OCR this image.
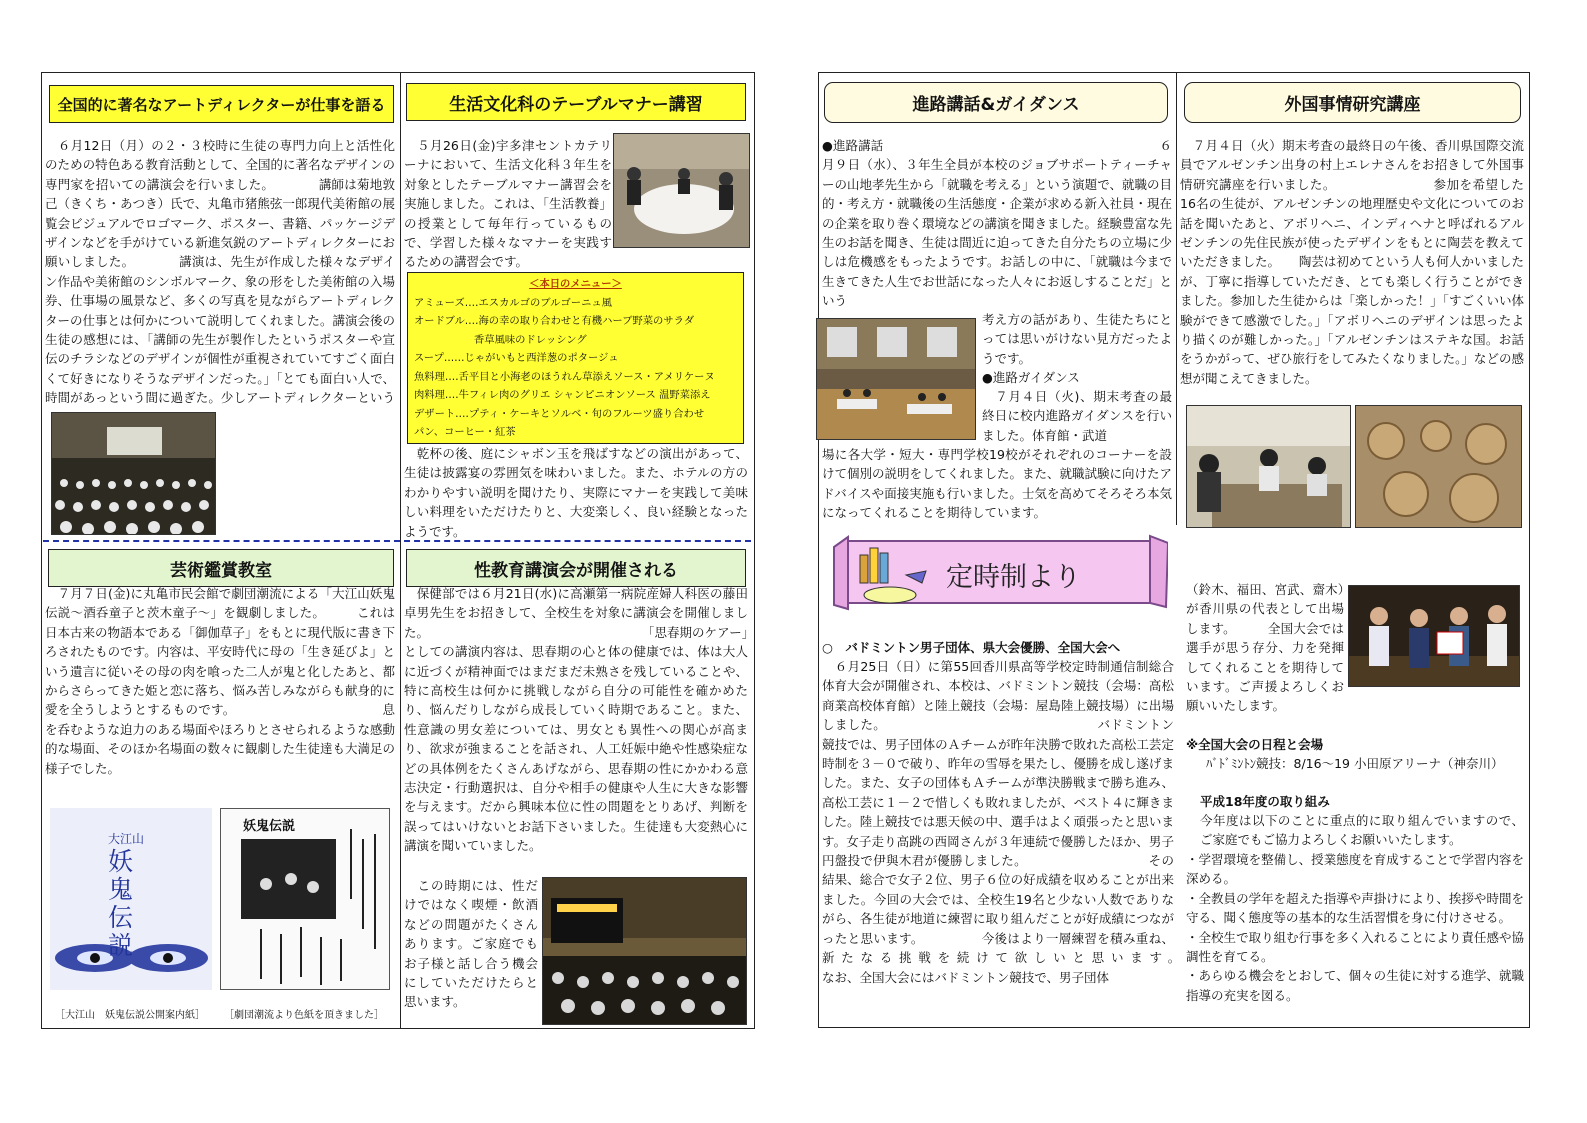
全国的に著名なアートディレクターが仕事を語る

　６月12日（月）の２・３校時に生徒の専門力向上と活性化のための特色ある教育活動として、全国的に著名なデザインの専門家を招いての講演会を行いました。　　　　講師は菊地敦己（きくち・あつき）氏で、丸亀市猪熊弦一郎現代美術館の展覧会ビジュアルでロゴマーク、ポスター、書籍、パッケージデザインなどを手がけている新進気鋭のアートディレクターにお願いしました。　　　　講演は、先生が作成した様々なデザイン作品や美術館のシンボルマーク、象の形をした美術館の入場券、仕事場の風景など、多くの写真を見ながらアートディレクターの仕事とは何かについて説明してくれました。講演会後の生徒の感想には、「講師の先生が製作したというポスターや宣伝のチラシなどのデザインが個性が重視されていてすごく面白くて好きになりそうなデザインだった。」「とても面白い人で、時間があっという間に過ぎた。少しアートディレクターという

生活文化科のテーブルマナー講習

　５月26日(金)宇多津セントカテリーナにおいて、生活文化科３年生を対象としたテーブルマナー講習会を実施しました。これは、「生活教養」の授業として毎年行っているもので、学習した様々なマナーを実践するための講習会です。

＜本日のメニュー＞
アミューズ‥‥エスカルゴのブルゴーニュ風
オードブル‥‥海の幸の取り合わせと有機ハーブ野菜のサラダ
香草風味のドレッシング
スープ‥‥‥じゃがいもと西洋葱のポタージュ
魚料理‥‥舌平目と小海老のほうれん草添えソース・アメリケーヌ
肉料理‥‥牛フィレ肉のグリエ シャンピニオンソース 温野菜添え
デザート‥‥プティ・ケーキとソルベ・旬のフルーツ盛り合わせ
パン、コーヒー・紅茶

　乾杯の後、庭にシャボン玉を飛ばすなどの演出があって、生徒は披露宴の雰囲気を味わいました。また、ホテルの方のわかりやすい説明を聞けたり、実際にマナーを実践して美味しい料理をいただけたりと、大変楽しく、良い経験となったようです。

芸術鑑賞教室

　７月７日(金)に丸亀市民会館で劇団潮流による「大江山妖鬼伝説～酒呑童子と茨木童子～」を観劇しました。　　　これは日本古来の物語本である「御伽草子」をもとに現代版に書き下ろされたものです。内容は、平安時代に母の「生き延びよ」という遺言に従いその母の肉を喰った二人が鬼と化したあと、都からさらってきた姫と恋に落ち、悩み苦しみながらも献身的に愛を全うしようとするものです。　　　　　　　　　　　　息を呑むような迫力のある場面やほろりとさせられるような感動的な場面、そのほか名場面の数々に観劇した生徒達も大満足の様子でした。

大江山
妖鬼伝説
妖鬼伝説
［大江山　妖鬼伝説公開案内紙］ ［劇団潮流より色紙を頂きました］
性教育講演会が開催される

　保健部では６月21日(水)に高瀬第一病院産婦人科医の藤田卓男先生をお招きして、全校生を対象に講演会を開催しました。　　　　　　　　　　　　　　　　　　「思春期のケアー」としての講演内容は、思春期の心と体の健康では、体は大人に近づくが精神面ではまだまだ未熟さを残していることや、特に高校生は何かに挑戦しながら自分の可能性を確かめたり、悩んだりしながら成長していく時期であること。また、性意識の男女差については、男女とも異性への関心が高まり、欲求が強まることを話され、人工妊娠中絶や性感染症などの具体例をたくさんあげながら、思春期の性にかかわる意志決定・行動選択は、自分や相手の健康や人生に大きな影響を与えます。だから興味本位に性の問題をとりあげ、判断を誤ってはいけないとお話下さいました。生徒達も大変熱心に講演を聞いていました。

　この時期には、性だけではなく喫煙・飲酒などの問題がたくさんあります。ご家庭でもお子様と話し合う機会にしていただけたらと思います。

進路講話&ガイダンス

●進路講話　　　　　　　　　　　　　　　　　　　　　　６月９日（水）、３年生全員が本校のジョブサポートティーチャーの山地孝先生から「就職を考える」という演題で、就職の目的・考え方・就職後の生活態度・企業が求める新入社員・現在の企業を取り巻く環境などの講演を聞きました。経験豊富な先生のお話を聞き、生徒は間近に迫ってきた自分たちの立場に少しは危機感をもったようです。お話しの中に、「就職は今まで生きてきた人生でお世話になった人々にお返しすることだ」という

考え方の話があり、生徒たちにとっては思いがけない見方だったようです。

●進路ガイダンス

　７月４日（火)、期末考査の最終日に校内進路ガイダンスを行いました。体育館・武道

場に各大学・短大・専門学校19校がそれぞれのコーナーを設けて個別の説明をしてくれました。また、就職試験に向けたアドバイスや面接実施も行いました。士気を高めてそろそろ本気になってくれることを期待しています。

外国事情研究講座

　７月４日（火）期末考査の最終日の午後、香川県国際交流員でアルゼンチン出身の村上エレナさんをお招きして外国事情研究講座を行いました。　　　　　　　　参加を希望した16名の生徒が、アルゼンチンの地理歴史や文化についてのお話を聞いたあと、アボリヘニ、インディヘナと呼ばれるアルゼンチンの先住民族が使ったデザインをもとに陶芸を教えていただきました。　　陶芸は初めてという人も何人かいましたが、丁寧に指導していただき、とても楽しく行うことができました。参加した生徒からは「楽しかった！」「すごくいい体験ができて感激でした。」「アボリヘニのデザインは思ったより描くのが難しかった。」「アルゼンチンはステキな国。お話をうかがって、ぜひ旅行をしてみたくなりました。」などの感想が聞こえてきました。

定時制より
○　バドミントン男子団体、県大会優勝、全国大会へ

　６月25日（日）に第55回香川県高等学校定時制通信制総合体育大会が開催され、本校は、バドミントン競技（会場：高松商業高校体育館）と陸上競技（会場：屋島陸上競技場）に出場しました。　　　　　　　　　　　　　　　　　バドミントン競技では、男子団体のＡチームが昨年決勝で敗れた高松工芸定時制を３－０で破り、昨年の雪辱を果たし、優勝を成し遂げました。また、女子の団体もＡチームが準決勝戦まで勝ち進み、高松工芸に１－２で惜しくも敗れましたが、ベスト４に輝きました。陸上競技では悪天候の中、選手はよく頑張ったと思います。女子走り高跳の西岡さんが３年連続で優勝したほか、男子円盤投で伊與木君が優勝しました。　　　　　　　　　　その結果、総合で女子２位、男子６位の好成績を収めることが出来ました。今回の大会では、全校生19名と少ない人数でありながら、各生徒が地道に練習に取り組んだことが好成績につながったと思います。　　　　　今後はより一層練習を積み重ね、新たなる挑戦を続けて欲しいと思います。　　　　　　　　　　　　　　　　　　なお、全国大会にはバドミントン競技で、男子団体

（鈴木、福田、宮武、齋木）が香川県の代表として出場します。　　　全国大会では選手が思う存分、力を発揮してくれることを期待しています。ご声援よろしくお願いいたします。

※全国大会の日程と会場
ﾊﾞﾄﾞﾐﾝﾄﾝ競技：8/16～19 小田原アリーナ（神奈川）
平成18年度の取り組み

今年度は以下のことに重点的に取り組んでいますので、ご家庭でもご協力よろしくお願いいたします。

・学習環境を整備し、授業態度を育成することで学習内容を深める。

・全教員の学年を超えた指導や声掛けにより、挨拶や時間を守る、聞く態度等の基本的な生活習慣を身に付けさせる。

・全校生で取り組む行事を多く入れることにより責任感や協調性を育てる。

・あらゆる機会をとおして、個々の生徒に対する進学、就職指導の充実を図る。
